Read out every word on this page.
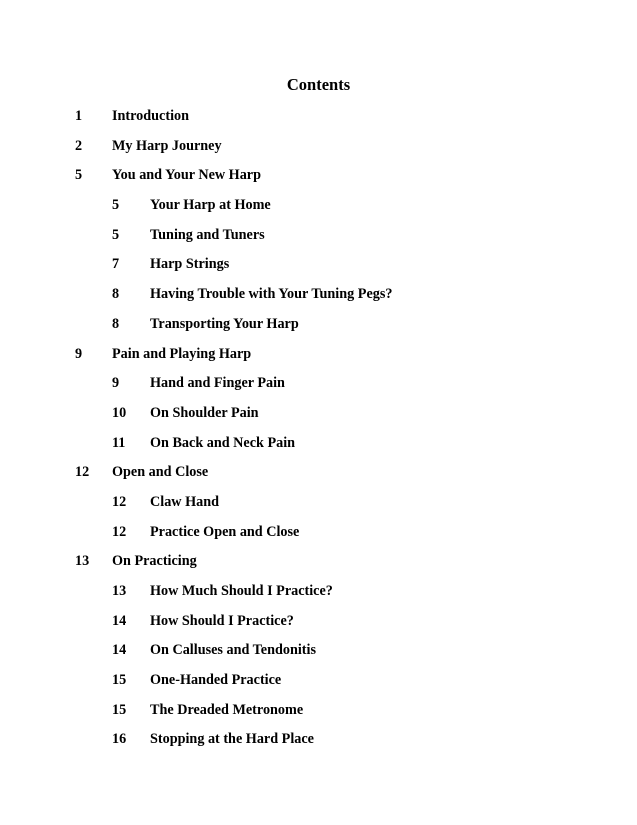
Contents
1 Introduction
2 My Harp Journey
5 You and Your New Harp
5 Your Harp at Home
5 Tuning and Tuners
7 Harp Strings
8 Having Trouble with Your Tuning Pegs?
8 Transporting Your Harp
9 Pain and Playing Harp
9 Hand and Finger Pain
10 On Shoulder Pain
11 On Back and Neck Pain
12 Open and Close
12 Claw Hand
12 Practice Open and Close
13 On Practicing
13 How Much Should I Practice?
14 How Should I Practice?
14 On Calluses and Tendonitis
15 One-Handed Practice
15 The Dreaded Metronome
16 Stopping at the Hard Place
